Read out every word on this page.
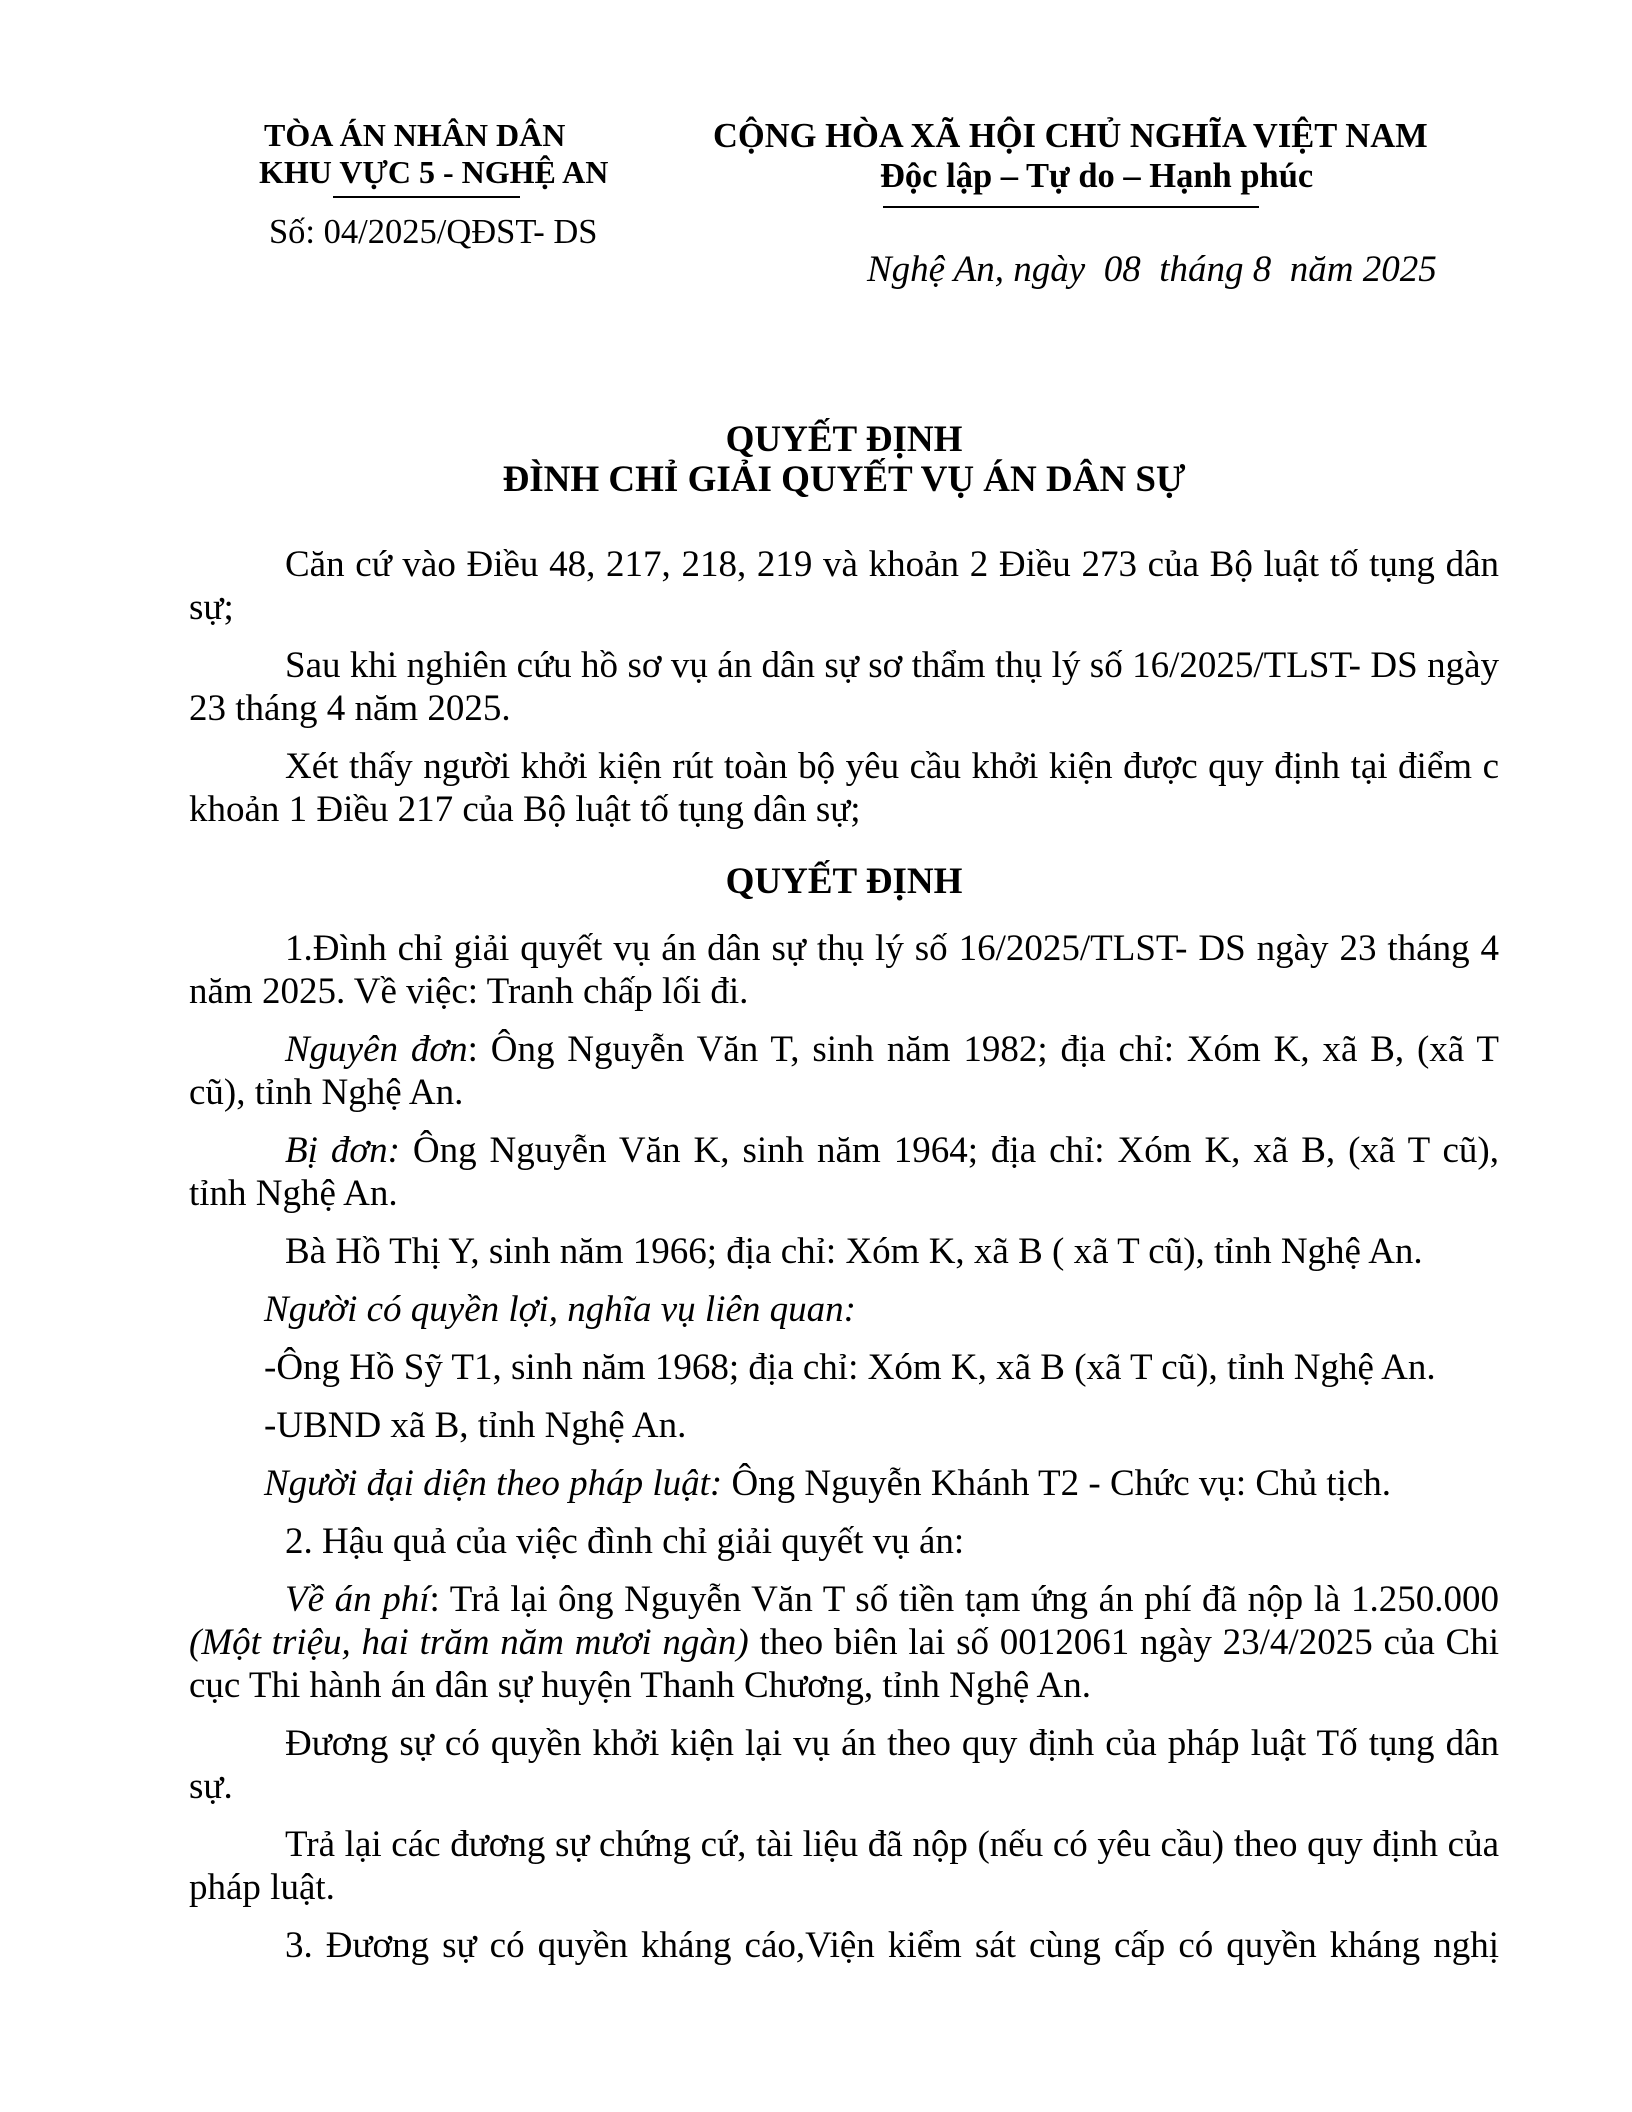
TÒA ÁN NHÂN DÂN
KHU VỰC 5 - NGHỆ AN
Số: 04/2025/QĐST- DS
CỘNG HÒA XÃ HỘI CHỦ NGHĨA VIỆT NAM
Độc lập – Tự do – Hạnh phúc
Nghệ An, ngày  08  tháng 8  năm 2025
QUYẾT ĐỊNH
ĐÌNH CHỈ GIẢI QUYẾT VỤ ÁN DÂN SỰ
Căn cứ vào Điều 48, 217, 218, 219 và khoản 2 Điều 273 của Bộ luật tố tụng dân
sự;
Sau khi nghiên cứu hồ sơ vụ án dân sự sơ thẩm thụ lý số 16/2025/TLST- DS ngày
23 tháng 4 năm 2025.
Xét thấy người khởi kiện rút toàn bộ yêu cầu khởi kiện được quy định tại điểm c
khoản 1 Điều 217 của Bộ luật tố tụng dân sự;
QUYẾT ĐỊNH
1.Đình chỉ giải quyết vụ án dân sự thụ lý số 16/2025/TLST- DS ngày 23 tháng 4
năm 2025. Về việc: Tranh chấp lối đi.
Nguyên đơn: Ông Nguyễn Văn T, sinh năm 1982; địa chỉ: Xóm K, xã B, (xã T
cũ), tỉnh Nghệ An.
Bị đơn: Ông Nguyễn Văn K, sinh năm 1964; địa chỉ: Xóm K, xã B, (xã T cũ),
tỉnh Nghệ An.
Bà Hồ Thị Y, sinh năm 1966; địa chỉ: Xóm K, xã B ( xã T cũ), tỉnh Nghệ An.
Người có quyền lợi, nghĩa vụ liên quan:
-Ông Hồ Sỹ T1, sinh năm 1968; địa chỉ: Xóm K, xã B (xã T cũ), tỉnh Nghệ An.
-UBND xã B, tỉnh Nghệ An.
Người đại diện theo pháp luật: Ông Nguyễn Khánh T2 - Chức vụ: Chủ tịch.
2. Hậu quả của việc đình chỉ giải quyết vụ án:
Về án phí: Trả lại ông Nguyễn Văn T số tiền tạm ứng án phí đã nộp là 1.250.000
(Một triệu, hai trăm năm mươi ngàn) theo biên lai số 0012061 ngày 23/4/2025 của Chi
cục Thi hành án dân sự huyện Thanh Chương, tỉnh Nghệ An.
Đương sự có quyền khởi kiện lại vụ án theo quy định của pháp luật Tố tụng dân
sự.
Trả lại các đương sự chứng cứ, tài liệu đã nộp (nếu có yêu cầu) theo quy định của
pháp luật.
3. Đương sự có quyền kháng cáo,Viện kiểm sát cùng cấp có quyền kháng nghị
